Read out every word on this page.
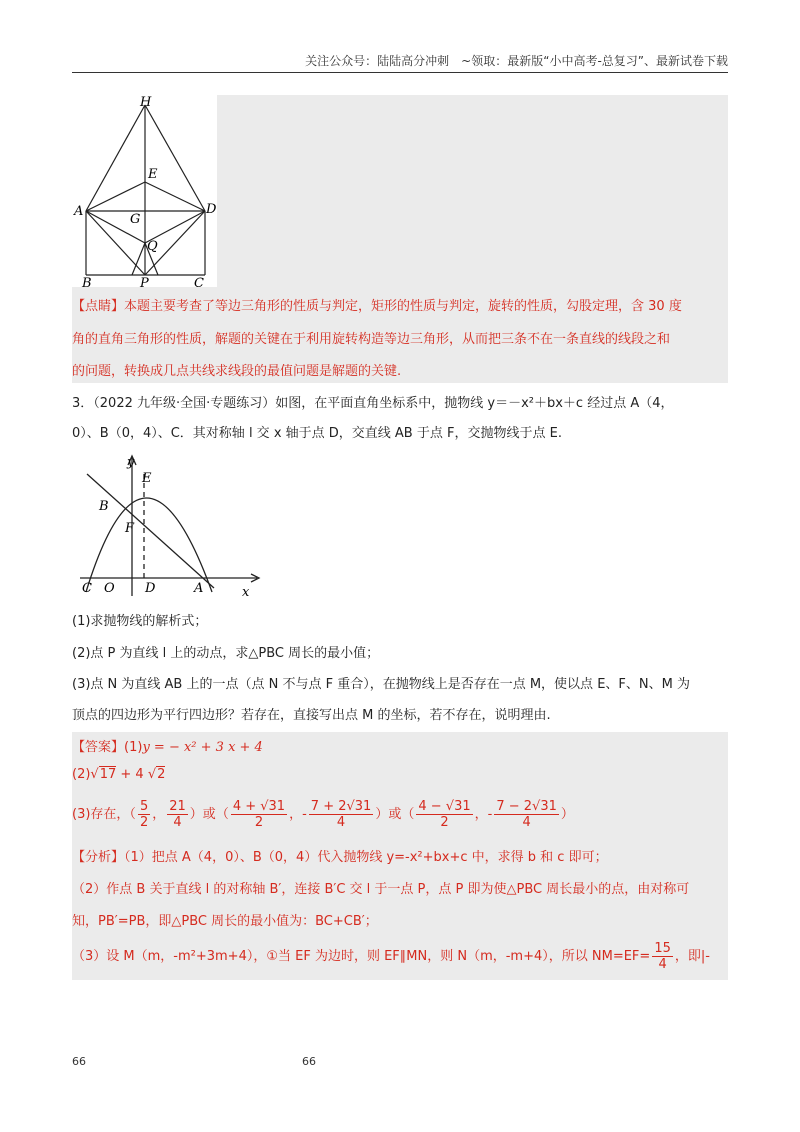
关注公众号：陆陆高分冲刺　~领取：最新版“小中高考-总复习”、最新试卷下载
H
E
A	D
G
Q
B	P	C
【点睛】本题主要考查了等边三角形的性质与判定，矩形的性质与判定，旋转的性质，勾股定理，含 30 度
角的直角三角形的性质，解题的关键在于利用旋转构造等边三角形，从而把三条不在一条直线的线段之和
的问题，转换成几点共线求线段的最值问题是解题的关键.
3．（2022 九年级·全国·专题练习）如图，在平面直角坐标系中，抛物线 y＝－x²＋bx＋c 经过点 A（4，
0）、B（0，4）、C．其对称轴 l 交 x 轴于点 D，交直线 AB 于点 F，交抛物线于点 E.
y
E
B
F
C O D	A	x
(1)求抛物线的解析式；
(2)点 P 为直线 l 上的动点，求△PBC 周长的最小值；
(3)点 N 为直线 AB 上的一点（点 N 不与点 F 重合），在抛物线上是否存在一点 M，使以点 E、F、N、M 为
顶点的四边形为平行四边形？若存在，直接写出点 M 的坐标，若不存在，说明理由.
【答案】(1)y = − x² + 3 x + 4
(2)√17 + 4 √2
(3)存在，（ $\frac{5}{2}$ ， $\frac{21}{4}$ ）或（ $\frac{4 + √31}{2}$ ，- $\frac{7 + 2√31}{4}$ ）或（ $\frac{4 - √31}{2}$ ，- $\frac{7 - 2√31}{4}$ ）
【分析】（1）把点 A（4，0）、B（0，4）代入抛物线 y=-x²+bx+c 中，求得 b 和 c 即可；
（2）作点 B 关于直线 l 的对称轴 B′，连接 B′C 交 l 于一点 P，点 P 即为使△PBC 周长最小的点，由对称可
知，PB′=PB，即△PBC 周长的最小值为：BC+CB′；
（3）设 M（m，-m²+3m+4），①当 EF 为边时，则 EF∥MN，则 N（m，-m+4），所以 $NM=EF= \frac{15}{4}$ ，即|-
66	66
